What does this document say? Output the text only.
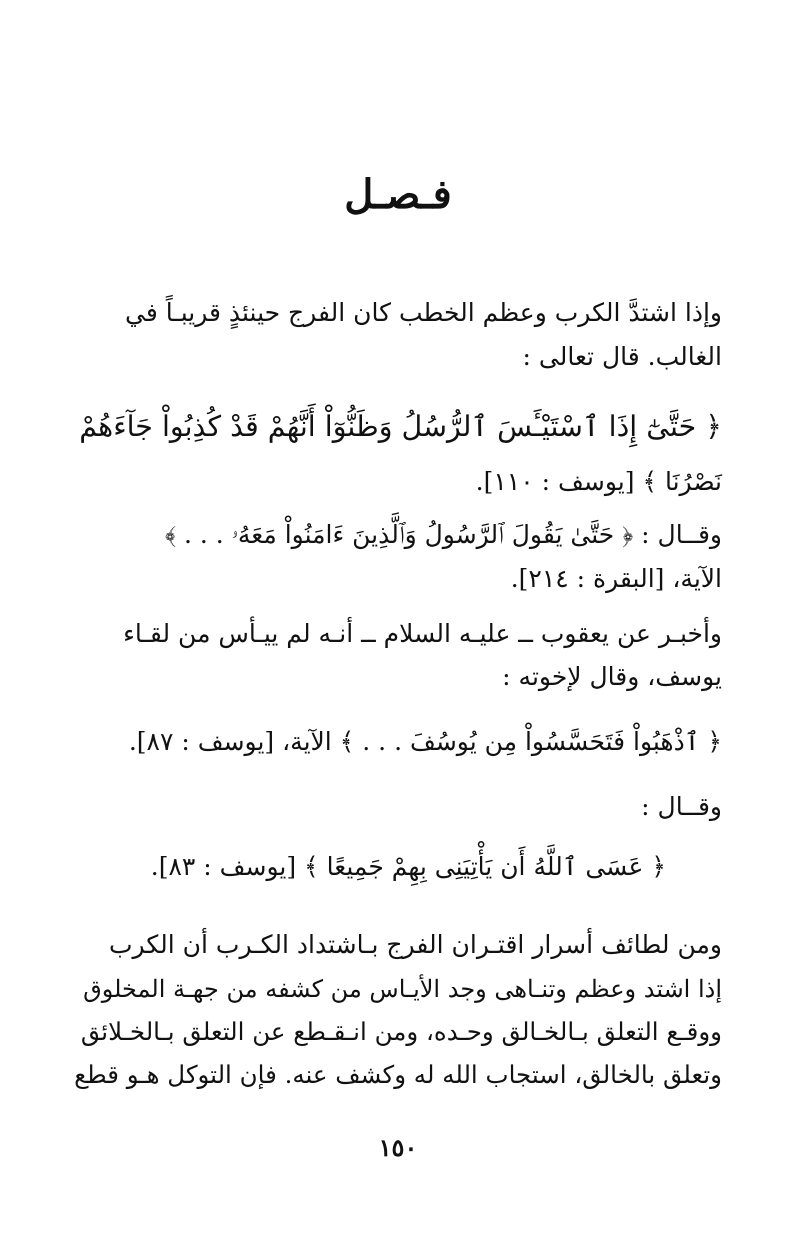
فـصـل

وإذا اشتدَّ الكرب وعظم الخطب كان الفرج حينئذٍ قريبـاً في

الغالب. قال تعالى :

﴿ حَتَّىٰٓ إِذَا ٱسْتَيْـَٔسَ ٱلرُّسُلُ وَظَنُّوٓاْ أَنَّهُمْ قَدْ كُذِبُواْ جَآءَهُمْ

نَصْرُنَا ﴾ [يوسف : ١١٠].

وقــال : ﴿ حَتَّىٰ يَقُولَ ٱلرَّسُولُ وَٱلَّذِينَ ءَامَنُواْ مَعَهُۥ . . . ﴾

الآية، [البقرة : ٢١٤].

وأخبـر عن يعقوب ــ عليـه السلام ــ أنـه لم ييـأس من لقـاء

يوسف، وقال لإخوته :

﴿ ٱذْهَبُواْ فَتَحَسَّسُواْ مِن يُوسُفَ . . . ﴾ الآية، [يوسف : ٨٧].

وقــال :

﴿ عَسَى ٱللَّهُ أَن يَأْتِيَنِى بِهِمْ جَمِيعًا ﴾ [يوسف : ٨٣].

ومن لطائف أسرار اقتـران الفرج بـاشتداد الكـرب أن الكرب

إذا اشتد وعظم وتنـاهى وجد الأيـاس من كشفه من جهـة المخلوق

ووقـع التعلق بـالخـالق وحـده، ومن انـقـطع عن التعلق بـالخـلائق

وتعلق بالخالق، استجاب الله له وكشف عنه. فإن التوكل هـو قطع

١٥٠
